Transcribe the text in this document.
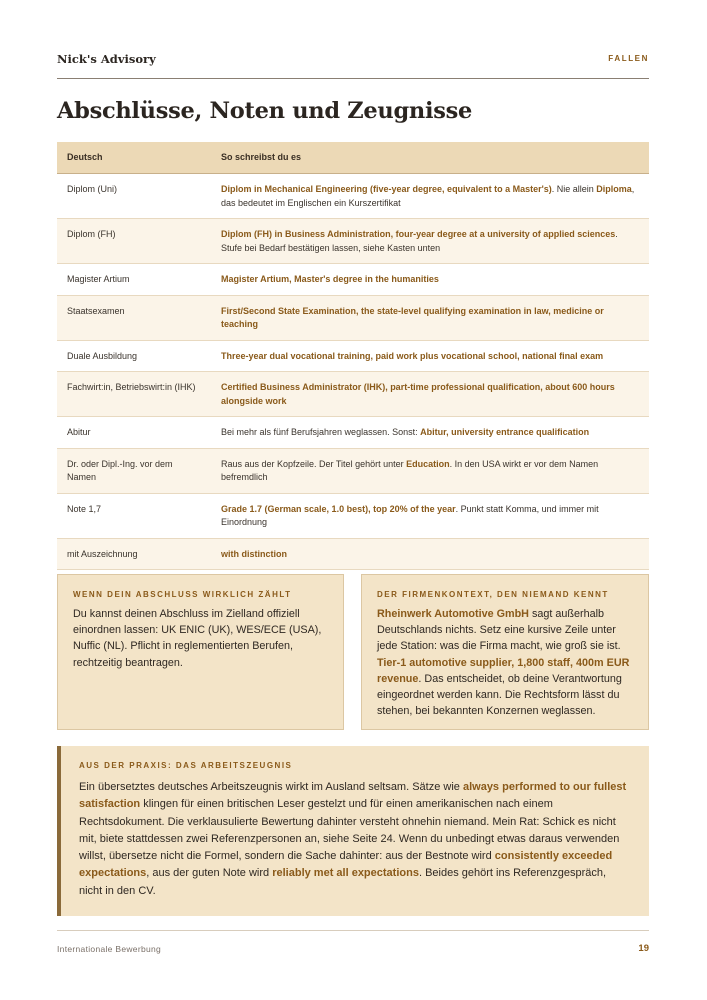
Nick's Advisory	FALLEN
Abschlüsse, Noten und Zeugnisse
Deutsch	So schreibst du es
Diplom (Uni)	Diplom in Mechanical Engineering (five-year degree, equivalent to a Master's). Nie allein Diploma, das bedeutet im Englischen ein Kurszertifikat
Diplom (FH)	Diplom (FH) in Business Administration, four-year degree at a university of applied sciences. Stufe bei Bedarf bestätigen lassen, siehe Kasten unten
Magister Artium	Magister Artium, Master's degree in the humanities
Staatsexamen	First/Second State Examination, the state-level qualifying examination in law, medicine or teaching
Duale Ausbildung	Three-year dual vocational training, paid work plus vocational school, national final exam
Fachwirt:in, Betriebswirt:in (IHK)	Certified Business Administrator (IHK), part-time professional qualification, about 600 hours alongside work
Abitur	Bei mehr als fünf Berufsjahren weglassen. Sonst: Abitur, university entrance qualification
Dr. oder Dipl.-Ing. vor dem Namen	Raus aus der Kopfzeile. Der Titel gehört unter Education. In den USA wirkt er vor dem Namen befremdlich
Note 1,7	Grade 1.7 (German scale, 1.0 best), top 20% of the year. Punkt statt Komma, und immer mit Einordnung
mit Auszeichnung	with distinction
WENN DEIN ABSCHLUSS WIRKLICH ZÄHLT
Du kannst deinen Abschluss im Zielland offiziell einordnen lassen: UK ENIC (UK), WES/ECE (USA), Nuffic (NL). Pflicht in reglementierten Berufen, rechtzeitig beantragen.
DER FIRMENKONTEXT, DEN NIEMAND KENNT
Rheinwerk Automotive GmbH sagt außerhalb Deutschlands nichts. Setz eine kursive Zeile unter jede Station: was die Firma macht, wie groß sie ist. Tier-1 automotive supplier, 1,800 staff, 400m EUR revenue. Das entscheidet, ob deine Verantwortung eingeordnet werden kann. Die Rechtsform lässt du stehen, bei bekannten Konzernen weglassen.
AUS DER PRAXIS: DAS ARBEITSZEUGNIS
Ein übersetztes deutsches Arbeitszeugnis wirkt im Ausland seltsam. Sätze wie always performed to our fullest satisfaction klingen für einen britischen Leser gestelzt und für einen amerikanischen nach einem Rechtsdokument. Die verklausulierte Bewertung dahinter versteht ohnehin niemand. Mein Rat: Schick es nicht mit, biete stattdessen zwei Referenzpersonen an, siehe Seite 24. Wenn du unbedingt etwas daraus verwenden willst, übersetze nicht die Formel, sondern die Sache dahinter: aus der Bestnote wird consistently exceeded expectations, aus der guten Note wird reliably met all expectations. Beides gehört ins Referenzgespräch, nicht in den CV.
Internationale Bewerbung	19
